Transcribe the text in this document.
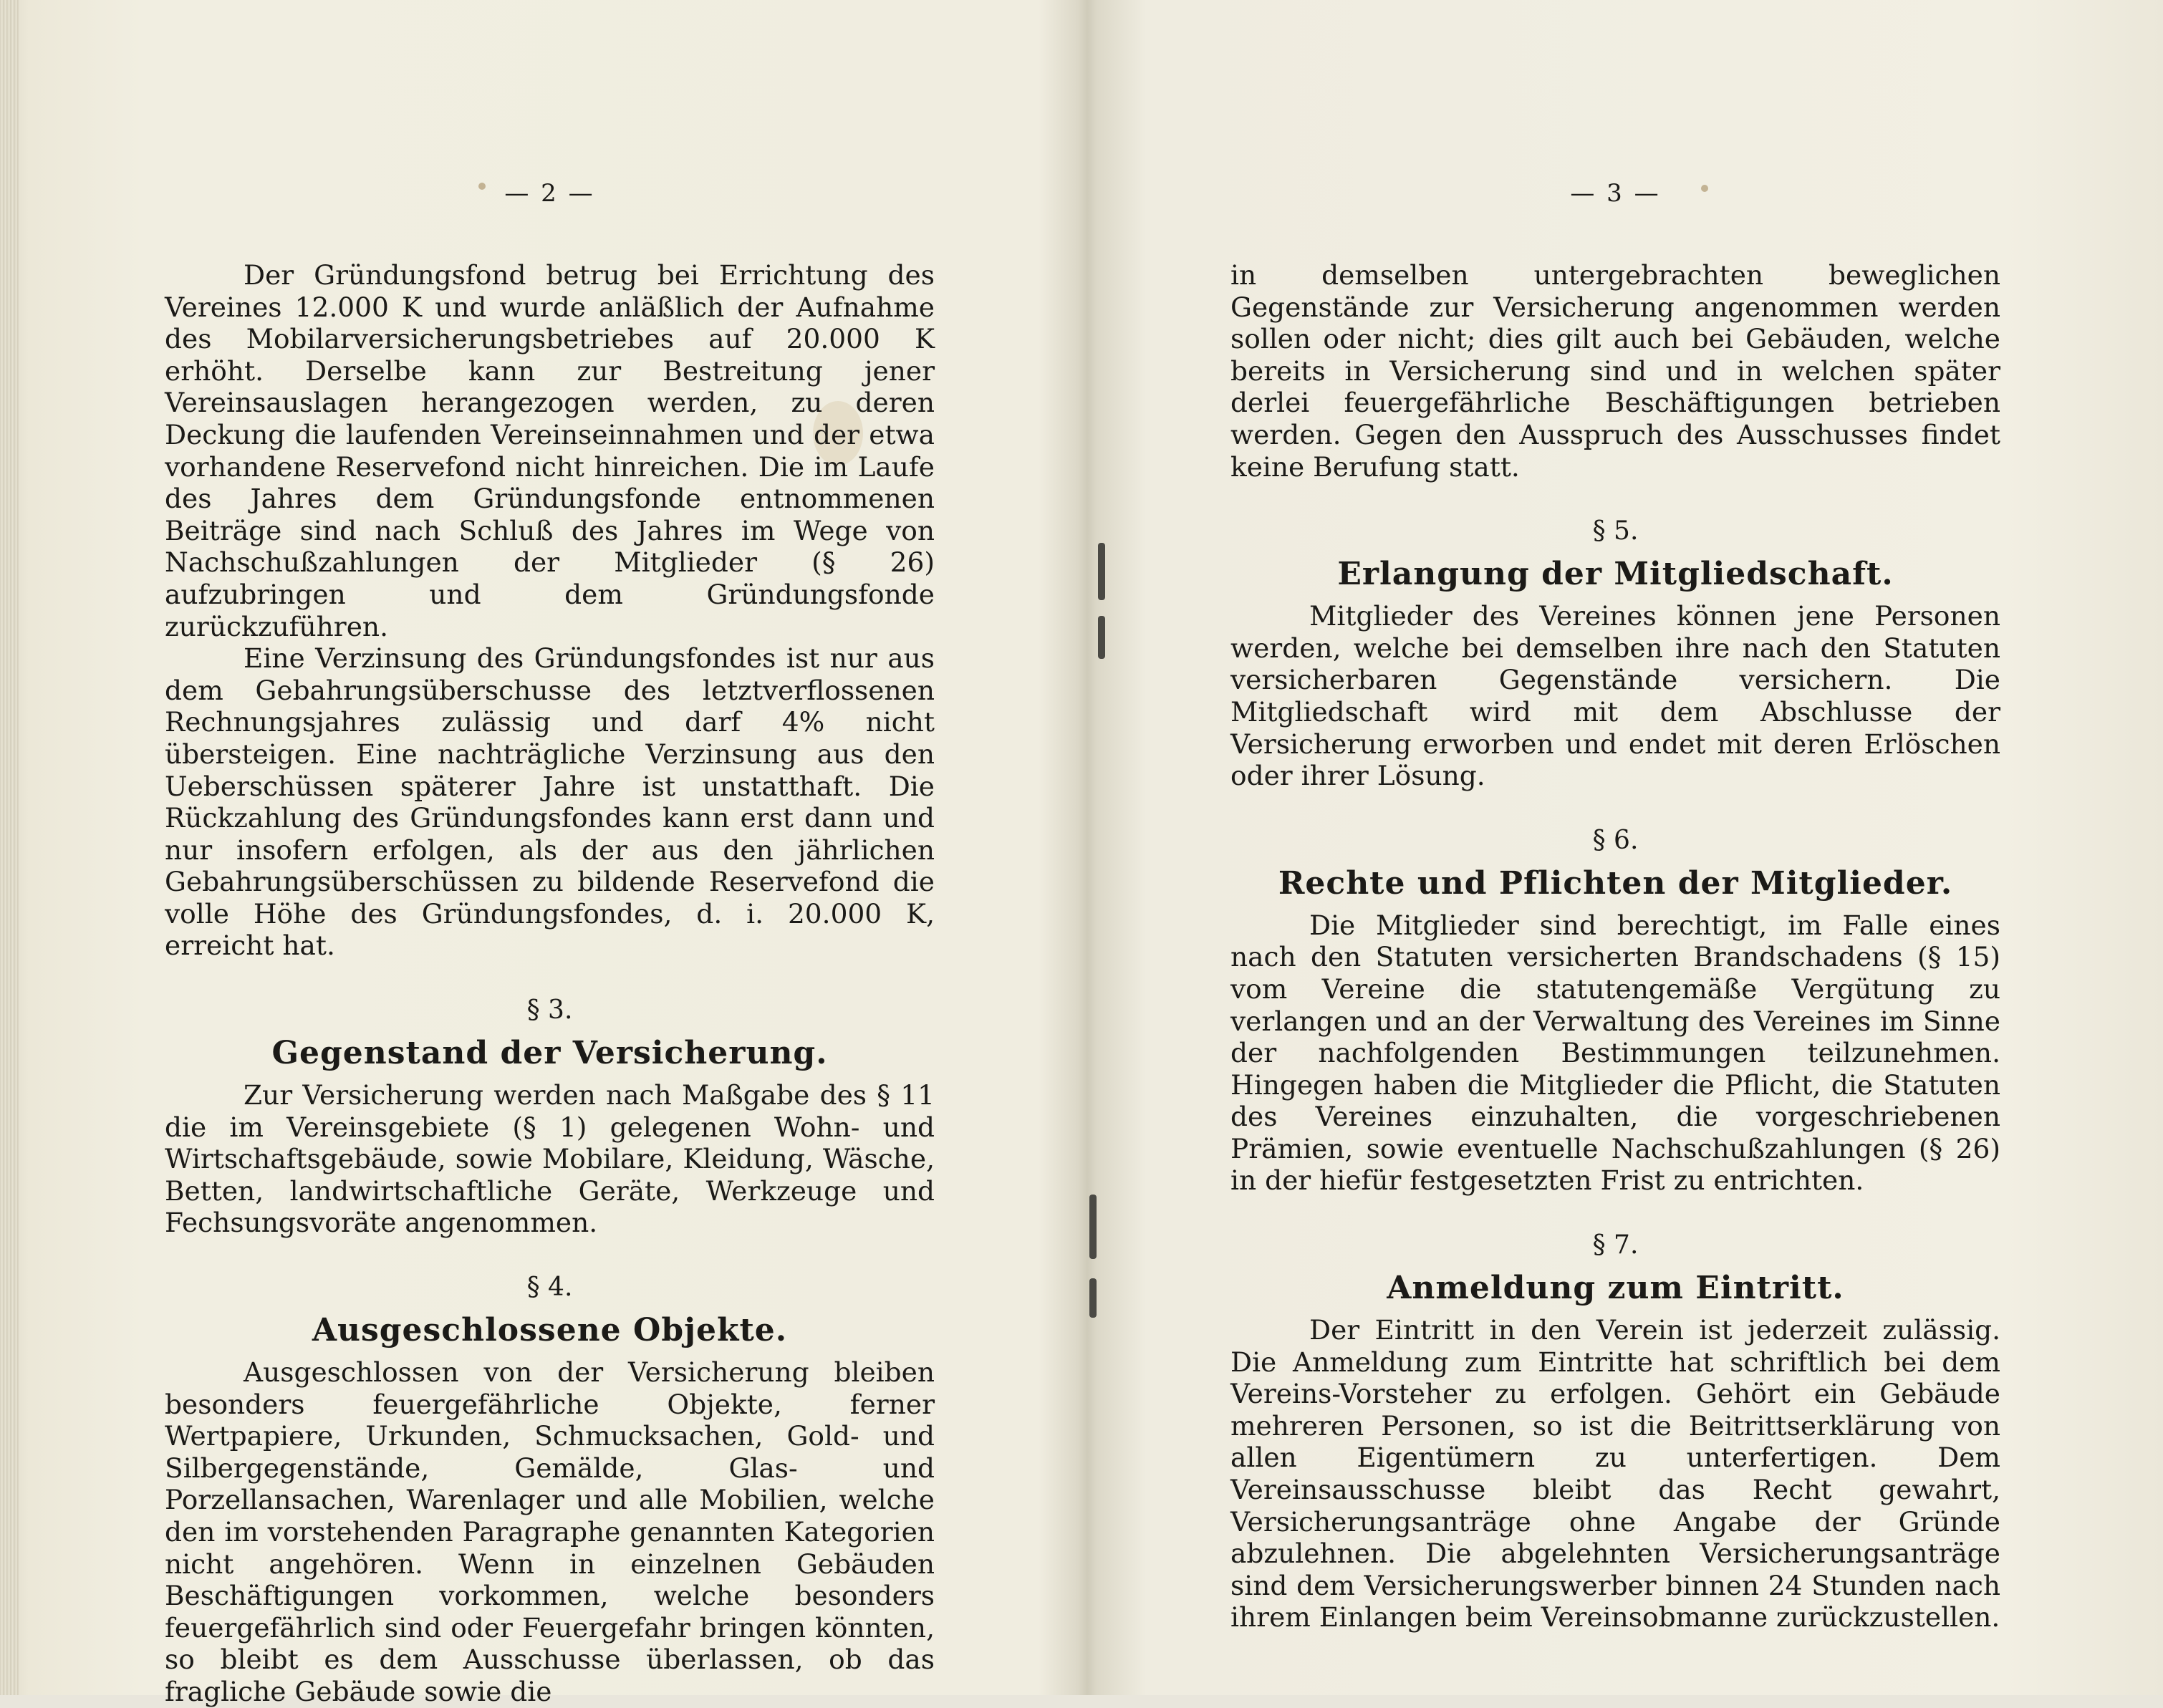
— 2 —

Der Gründungsfond betrug bei Errichtung des Vereines 12.000 K und wurde anläßlich der Aufnahme des Mobilarversicherungsbetriebes auf 20.000 K erhöht. Derselbe kann zur Bestreitung jener Vereinsauslagen herangezogen werden, zu deren Deckung die laufenden Vereinseinnahmen und der etwa vorhandene Reservefond nicht hinreichen. Die im Laufe des Jahres dem Gründungsfonde entnommenen Beiträge sind nach Schluß des Jahres im Wege von Nachschußzahlungen der Mitglieder (§ 26) aufzubringen und dem Gründungsfonde zurückzuführen.

Eine Verzinsung des Gründungsfondes ist nur aus dem Gebahrungsüberschusse des letztverflossenen Rechnungsjahres zulässig und darf 4% nicht übersteigen. Eine nachträgliche Verzinsung aus den Ueberschüssen späterer Jahre ist unstatthaft. Die Rückzahlung des Gründungsfondes kann erst dann und nur insofern erfolgen, als der aus den jährlichen Gebahrungsüberschüssen zu bildende Reservefond die volle Höhe des Gründungsfondes, d. i. 20.000 K, erreicht hat.

§ 3.
Gegenstand der Versicherung.

Zur Versicherung werden nach Maßgabe des § 11 die im Vereinsgebiete (§ 1) gelegenen Wohn- und Wirtschaftsgebäude, sowie Mobilare, Kleidung, Wäsche, Betten, landwirtschaftliche Geräte, Werkzeuge und Fechsungsvoräte angenommen.

§ 4.
Ausgeschlossene Objekte.

Ausgeschlossen von der Versicherung bleiben besonders feuergefährliche Objekte, ferner Wertpapiere, Urkunden, Schmucksachen, Gold- und Silbergegenstände, Gemälde, Glas- und Porzellansachen, Warenlager und alle Mobilien, welche den im vorstehenden Paragraphe genannten Kategorien nicht angehören. Wenn in einzelnen Gebäuden Beschäftigungen vorkommen, welche besonders feuergefährlich sind oder Feuergefahr bringen könnten, so bleibt es dem Ausschusse überlassen, ob das fragliche Gebäude sowie die

— 3 —

in demselben untergebrachten beweglichen Gegenstände zur Versicherung angenommen werden sollen oder nicht; dies gilt auch bei Gebäuden, welche bereits in Versicherung sind und in welchen später derlei feuergefährliche Beschäftigungen betrieben werden. Gegen den Ausspruch des Ausschusses findet keine Berufung statt.

§ 5.
Erlangung der Mitgliedschaft.

Mitglieder des Vereines können jene Personen werden, welche bei demselben ihre nach den Statuten versicherbaren Gegenstände versichern. Die Mitgliedschaft wird mit dem Abschlusse der Versicherung erworben und endet mit deren Erlöschen oder ihrer Lösung.

§ 6.
Rechte und Pflichten der Mitglieder.

Die Mitglieder sind berechtigt, im Falle eines nach den Statuten versicherten Brandschadens (§ 15) vom Vereine die statutengemäße Vergütung zu verlangen und an der Verwaltung des Vereines im Sinne der nachfolgenden Bestimmungen teilzunehmen. Hingegen haben die Mitglieder die Pflicht, die Statuten des Vereines einzuhalten, die vorgeschriebenen Prämien, sowie eventuelle Nachschußzahlungen (§ 26) in der hiefür festgesetzten Frist zu entrichten.

§ 7.
Anmeldung zum Eintritt.

Der Eintritt in den Verein ist jederzeit zulässig. Die Anmeldung zum Eintritte hat schriftlich bei dem Vereins-Vorsteher zu erfolgen. Gehört ein Gebäude mehreren Personen, so ist die Beitrittserklärung von allen Eigentümern zu unterfertigen. Dem Vereinsausschusse bleibt das Recht gewahrt, Versicherungsanträge ohne Angabe der Gründe abzulehnen. Die abgelehnten Versicherungsanträge sind dem Versicherungswerber binnen 24 Stunden nach ihrem Einlangen beim Vereinsobmanne zurückzustellen.
